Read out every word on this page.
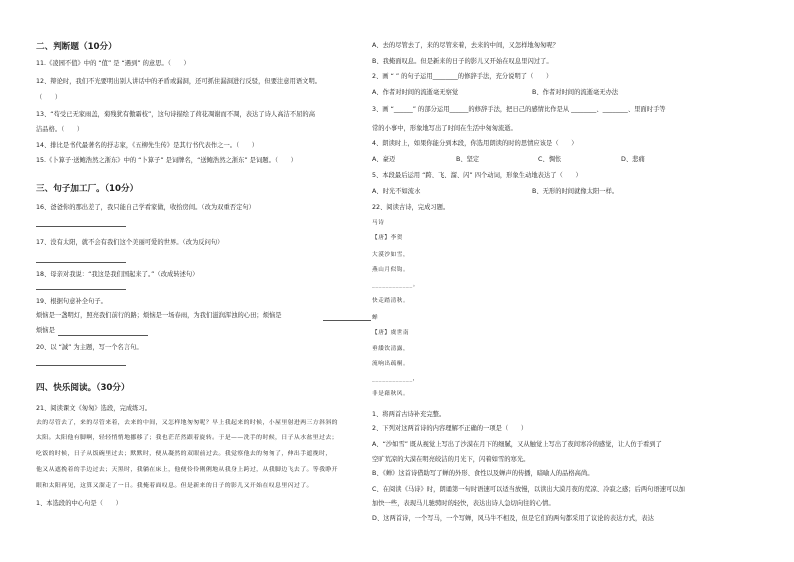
二、判断题（10分）
11.《凌园不值》中的 “值” 是 “遇到” 的意思。（　　）
12、辩论时，我们不光要明出别人讲话中的矛盾或漏洞，还可抓住漏洞进行反驳，但要注意用语文明。
（　　）
13、“苟受已无家雨盖，菊残犹有傲霜枝”，这句诗描绘了荷花凋谢而不凋，表达了诗人高洁不屈的高
洁品格。（　　）
14、排比是书代最著名的抒志家，《五柳先生传》是其行书代表作之一。（　　）
15.《卜算子·送鲍浩然之浙东》中的 “卜算子” 是词牌名，“送鲍浩然之浙东” 是词题。（　　）
三、句子加工厂。（10分）
16、爸爸你的那出差了，我只能自己学看家做，收拾房间。（改为双重否定句）
17、没有太阳，就不会有我们这个美丽可爱的世界。（改为反问句）
18、母亲对我说：“我这是我们国起来了。”（改成转述句）
19、根据句意补全句子。
烦恼是一盏明灯，照亮我们前行的路；烦恼是一场春雨，为我们滋润浑浊的心田；烦恼是
烦恼是
20、以 “誠” 为主题，写一个名言句。
四、快乐阅读。（30分）
21、阅读课文《匆匆》选段，完成练习。
去的尽管去了，来的尽管来着，去来的中间，又怎样地匆匆呢？早上我起来的时候，小屋里射进两三方斜斜的
太阳。太阳他有脚啊，轻轻悄悄地挪移了；我也茫茫然跟着旋转。于是——洗手的时候，日子从水盆里过去；
吃饭的时候，日子从饭碗里过去；默默时，便从凝然的双眼前过去。我觉察他去的匆匆了，伸出手遮挽时，
他又从遮挽着的手边过去；天黑时，我躺在床上，他便伶伶俐俐地从我身上跨过，从我脚边飞去了。等我睁开
眼和太阳再见，这算又溜走了一日。我掩着面叹息。但是新来的日子的影儿又开始在叹息里闪过了。
1、本选段的中心句是（　　）
A、去的尽管去了，来的尽管来着，去来的中间，又怎样地匆匆呢？
B、我掩面叹息。但是新来的日子的影儿又开始在叹息里闪过了。
2、画 “ ” 的句子运用________的修辞手法，充分说明了（　　）
A、作者对时间的流逝毫无察觉	B、作者对时间的流逝毫无办法
3、画 “______” 的部分运用______的修辞手法，把日己的感情比作是从 ________、________、里面时手等
常的小事中，形象地写出了时间在生活中匆匆流逝。
4、朗读时上，如果你能分到本段，你选用朗读的时的思情应该是（　　）
A、豪迈	B、坚定	C、惆怅	D、悲痛
5、本段最后运用 “跨、飞、溜、闪” 四个动词，形象生动地表达了（　　）
A、时光不如流水	B、无形的时间就像太阳一样。
22、阅读古诗，完成习题。
马诗
【唐】李贺
大漠沙如雪，
燕山月似钩。
____________。
快走踏清秋。
蝉
【唐】虞世南
垂緌饮清露，
流响出疏桐。
____________，
非是藉秋风。
1、将两首古诗补充完整。
2、下列对这两首诗的内容理解不正确的一项是（　　）
A、“沙如雪” 既从视觉上写出了沙漠在月下的细腻，又从触觉上写出了夜间寒冷的感觉，让人仿于看到了
空旷荒凉的大漠在明亮皎洁的月光下，闪着如雪的寒光。
B、《蝉》这首诗借助写了蝉的外形、食性以及蝉声的传播，暗喻人的品格高尚。
C、在阅读《马诗》时，朗诵第一句时语速可以适当放慢，以读出大漠月夜的荒凉、冷寂之感；后两句语速可以加
加快一些，表现马儿驰骋时的轻快，表达出诗人急切向往的心情。
D、这两首诗，一个写马，一个写蝉，风马牛不相及，但是它们的两句都采用了议论的表达方式，表达
